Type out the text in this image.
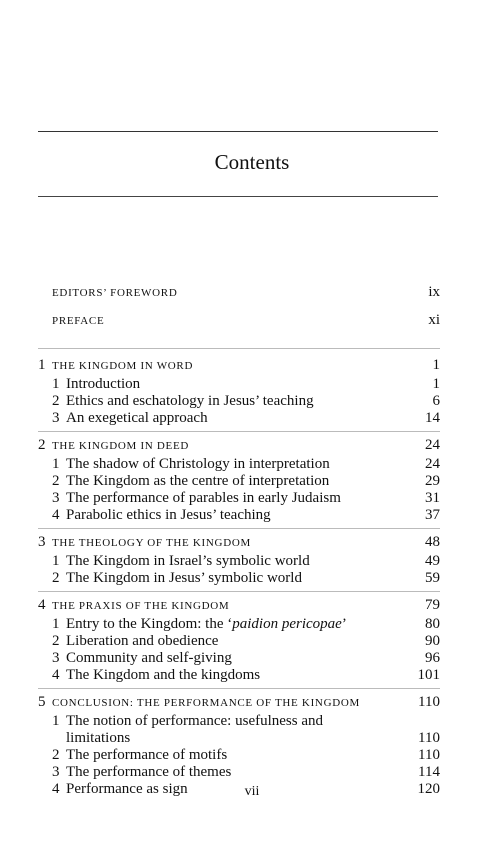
Contents
EDITORS’ FOREWORD	ix
PREFACE	xi
1 THE KINGDOM IN WORD	1
1 Introduction	1
2 Ethics and eschatology in Jesus’ teaching	6
3 An exegetical approach	14
2 THE KINGDOM IN DEED	24
1 The shadow of Christology in interpretation	24
2 The Kingdom as the centre of interpretation	29
3 The performance of parables in early Judaism	31
4 Parabolic ethics in Jesus’ teaching	37
3 THE THEOLOGY OF THE KINGDOM	48
1 The Kingdom in Israel’s symbolic world	49
2 The Kingdom in Jesus’ symbolic world	59
4 THE PRAXIS OF THE KINGDOM	79
1 Entry to the Kingdom: the ‘paidion pericopae’	80
2 Liberation and obedience	90
3 Community and self-giving	96
4 The Kingdom and the kingdoms	101
5 CONCLUSION: THE PERFORMANCE OF THE KINGDOM	110
1 The notion of performance: usefulness and
limitations	110
2 The performance of motifs	110
3 The performance of themes	114
4 Performance as sign	120
vii
